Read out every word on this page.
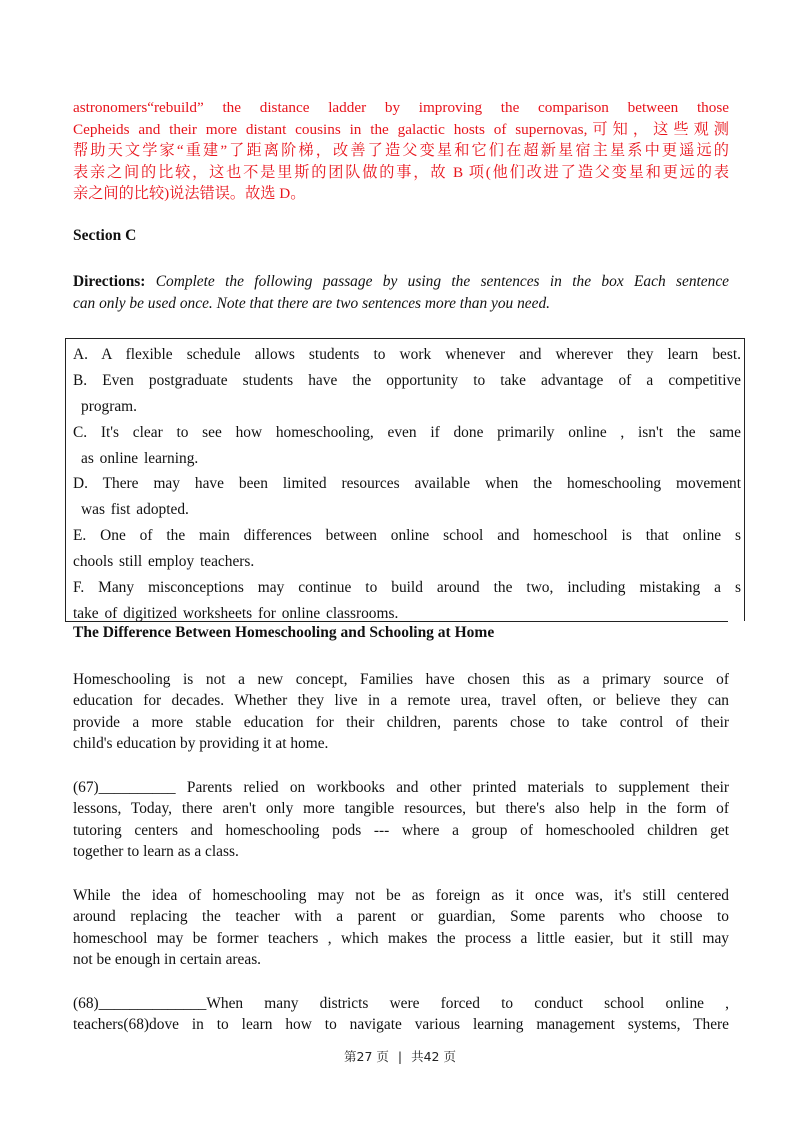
astronomers“rebuild” the distance ladder by improving the comparison between those
Cepheids and their more distant cousins in the galactic hosts of supernovas,可知，这些观测
帮助天文学家“重建”了距离阶梯，改善了造父变星和它们在超新星宿主星系中更遥远的
表亲之间的比较，这也不是里斯的团队做的事，故 B 项(他们改进了造父变星和更远的表
亲之间的比较)说法错误。故选 D。
Section C
Directions: Complete the following passage by using the sentences in the box Each sentence
can only be used once. Note that there are two sentences more than you need.
A. A flexible schedule allows students to work whenever and wherever they learn best.
B. Even postgraduate students have the opportunity to take advantage of a competitive
program.
C. It's clear to see how homeschooling, even if done primarily online , isn't the same
as online learning.
D. There may have been limited resources available when the homeschooling movement
was fist adopted.
E. One of the main differences between online school and homeschool is that online s
chools still employ teachers.
F. Many misconceptions may continue to build around the two, including mistaking a s
take of digitized worksheets for online classrooms.
The Difference Between Homeschooling and Schooling at Home
Homeschooling is not a new concept, Families have chosen this as a primary source of
education for decades. Whether they live in a remote urea, travel often, or believe they can
provide a more stable education for their children, parents chose to take control of their
child's education by providing it at home.
(67)__________ Parents relied on workbooks and other printed materials to supplement their
lessons, Today, there aren't only more tangible resources, but there's also help in the form of
tutoring centers and homeschooling pods --- where a group of homeschooled children get
together to learn as a class.
While the idea of homeschooling may not be as foreign as it once was, it's still centered
around replacing the teacher with a parent or guardian, Some parents who choose to
homeschool may be former teachers , which makes the process a little easier, but it still may
not be enough in certain areas.
(68)______________When many districts were forced to conduct school online ,
teachers(68)dove in to learn how to navigate various learning management systems, There
第27 页 | 共42 页
